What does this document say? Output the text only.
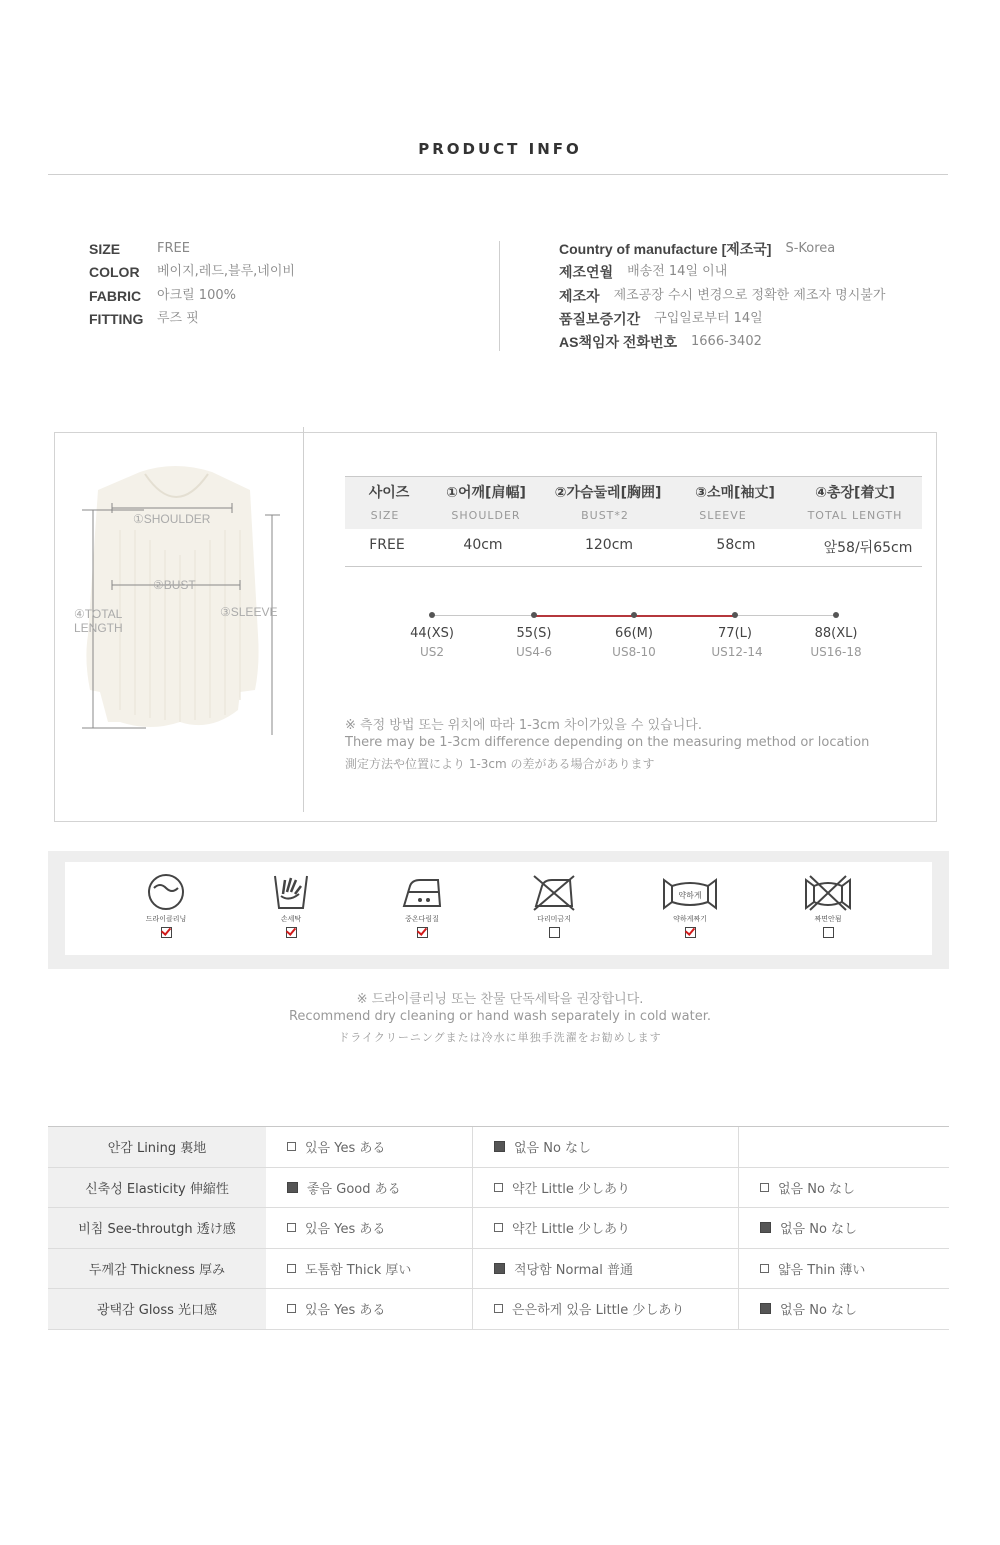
PRODUCT INFO
SIZE	FREE
COLOR	베이지,레드,블루,네이비
FABRIC	아크릴 100%
FITTING	루즈 핏
Country of manufacture [제조국] S-Korea
제조연월 배송전 14일 이내
제조자 제조공장 수시 변경으로 정확한 제조자 명시불가
품질보증기간 구입일로부터 14일
AS책임자 전화번호 1666-3402
①SHOULDER
②BUST
④TOTAL
LENGTH
③SLEEVE
사이즈	①어깨[肩幅]	②가슴둘레[胸囲]	③소매[袖丈]	④총장[着丈]
SIZE	SHOULDER	BUST*2	SLEEVE	TOTAL LENGTH
FREE	40cm	120cm	58cm	앞58/뒤65cm
44(XS)	55(S)	66(M)	77(L)	88(XL)
US2	US4-6	US8-10	US12-14	US16-18
※ 측정 방법 또는 위치에 따라 1-3cm 차이가있을 수 있습니다.
There may be 1-3cm difference depending on the measuring method or location
測定方法や位置により 1-3cm の差がある場合があります
드라이클리닝	손세탁	중온다림질	다리미금지
약하게
약하게짜기	짜면안됨
※ 드라이클리닝 또는 찬물 단독세탁을 권장합니다.
Recommend dry cleaning or hand wash separately in cold water.
ドライクリーニングまたは冷水に単独手洗濯をお勧めします
안감 Lining 裏地	있음 Yes ある	없음 No なし
신축성 Elasticity 伸縮性	좋음 Good ある	약간 Little 少しあり	없음 No なし
비침 See-throutgh 透け感	있음 Yes ある	약간 Little 少しあり	없음 No なし
두께감 Thickness 厚み	도톰함 Thick 厚い	적당함 Normal 普通	얇음 Thin 薄い
광택감 Gloss 光口感	있음 Yes ある	은은하게 있음 Little 少しあり	없음 No なし
